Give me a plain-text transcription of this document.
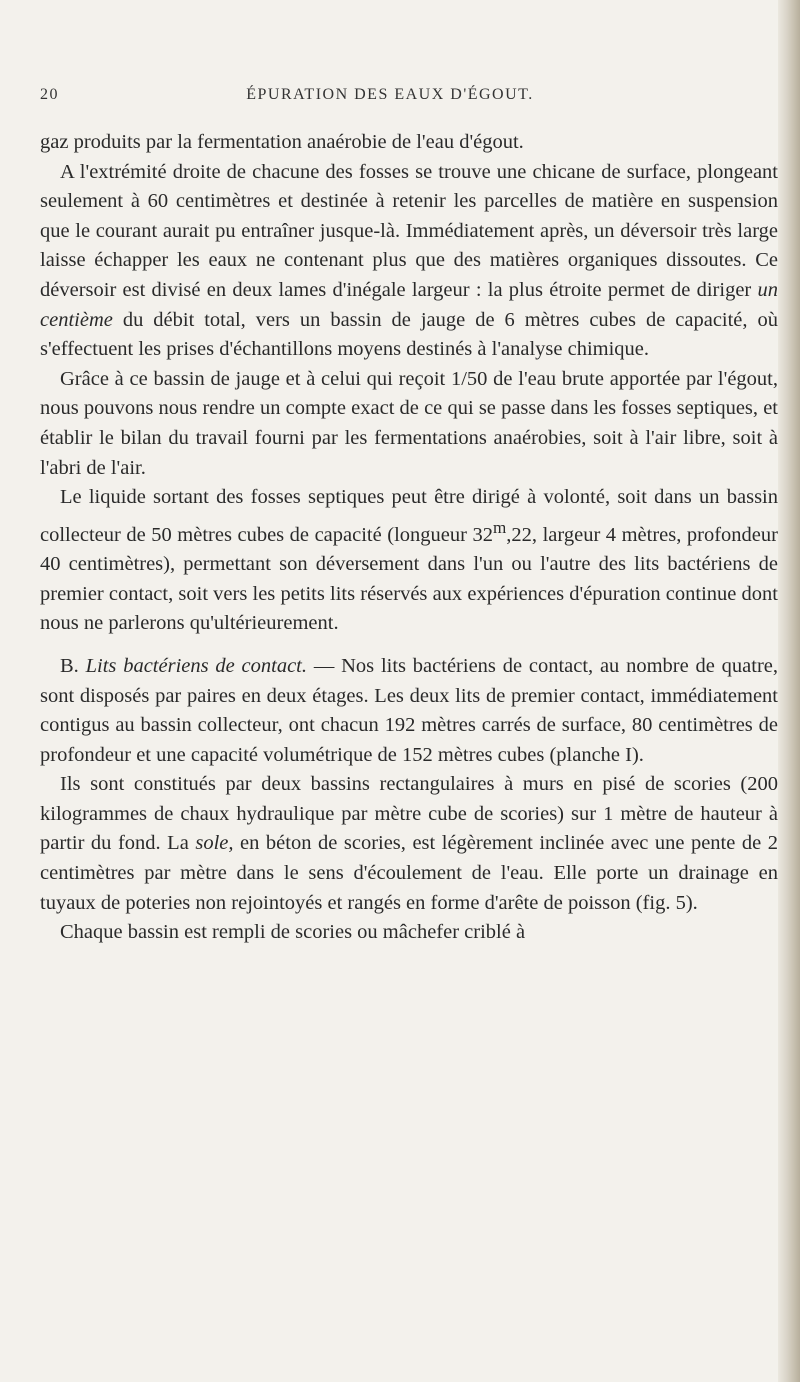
20	ÉPURATION DES EAUX D'ÉGOUT.

gaz produits par la fermentation anaérobie de l'eau d'égout.

A l'extrémité droite de chacune des fosses se trouve une chicane de surface, plongeant seulement à 60 centimètres et destinée à retenir les parcelles de matière en suspension que le courant aurait pu entraîner jusque-là. Immédiatement après, un déversoir très large laisse échapper les eaux ne contenant plus que des matières organiques dissoutes. Ce déversoir est divisé en deux lames d'inégale largeur : la plus étroite permet de diriger un centième du débit total, vers un bassin de jauge de 6 mètres cubes de capacité, où s'effectuent les prises d'échantillons moyens destinés à l'analyse chimique.

Grâce à ce bassin de jauge et à celui qui reçoit 1/50 de l'eau brute apportée par l'égout, nous pouvons nous rendre un compte exact de ce qui se passe dans les fosses septiques, et établir le bilan du travail fourni par les fermentations anaérobies, soit à l'air libre, soit à l'abri de l'air.

Le liquide sortant des fosses septiques peut être dirigé à volonté, soit dans un bassin collecteur de 50 mètres cubes de capacité (longueur 32$^m$,22, largeur 4 mètres, profondeur 40 centimètres), permettant son déversement dans l'un ou l'autre des lits bactériens de premier contact, soit vers les petits lits réservés aux expériences d'épuration continue dont nous ne parlerons qu'ultérieurement.

B. Lits bactériens de contact. — Nos lits bactériens de contact, au nombre de quatre, sont disposés par paires en deux étages. Les deux lits de premier contact, immédiatement contigus au bassin collecteur, ont chacun 192 mètres carrés de surface, 80 centimètres de profondeur et une capacité volumétrique de 152 mètres cubes (planche I).

Ils sont constitués par deux bassins rectangulaires à murs en pisé de scories (200 kilogrammes de chaux hydraulique par mètre cube de scories) sur 1 mètre de hauteur à partir du fond. La sole, en béton de scories, est légèrement inclinée avec une pente de 2 centimètres par mètre dans le sens d'écoulement de l'eau. Elle porte un drainage en tuyaux de poteries non rejointoyés et rangés en forme d'arête de poisson (fig. 5).

Chaque bassin est rempli de scories ou mâchefer criblé à
